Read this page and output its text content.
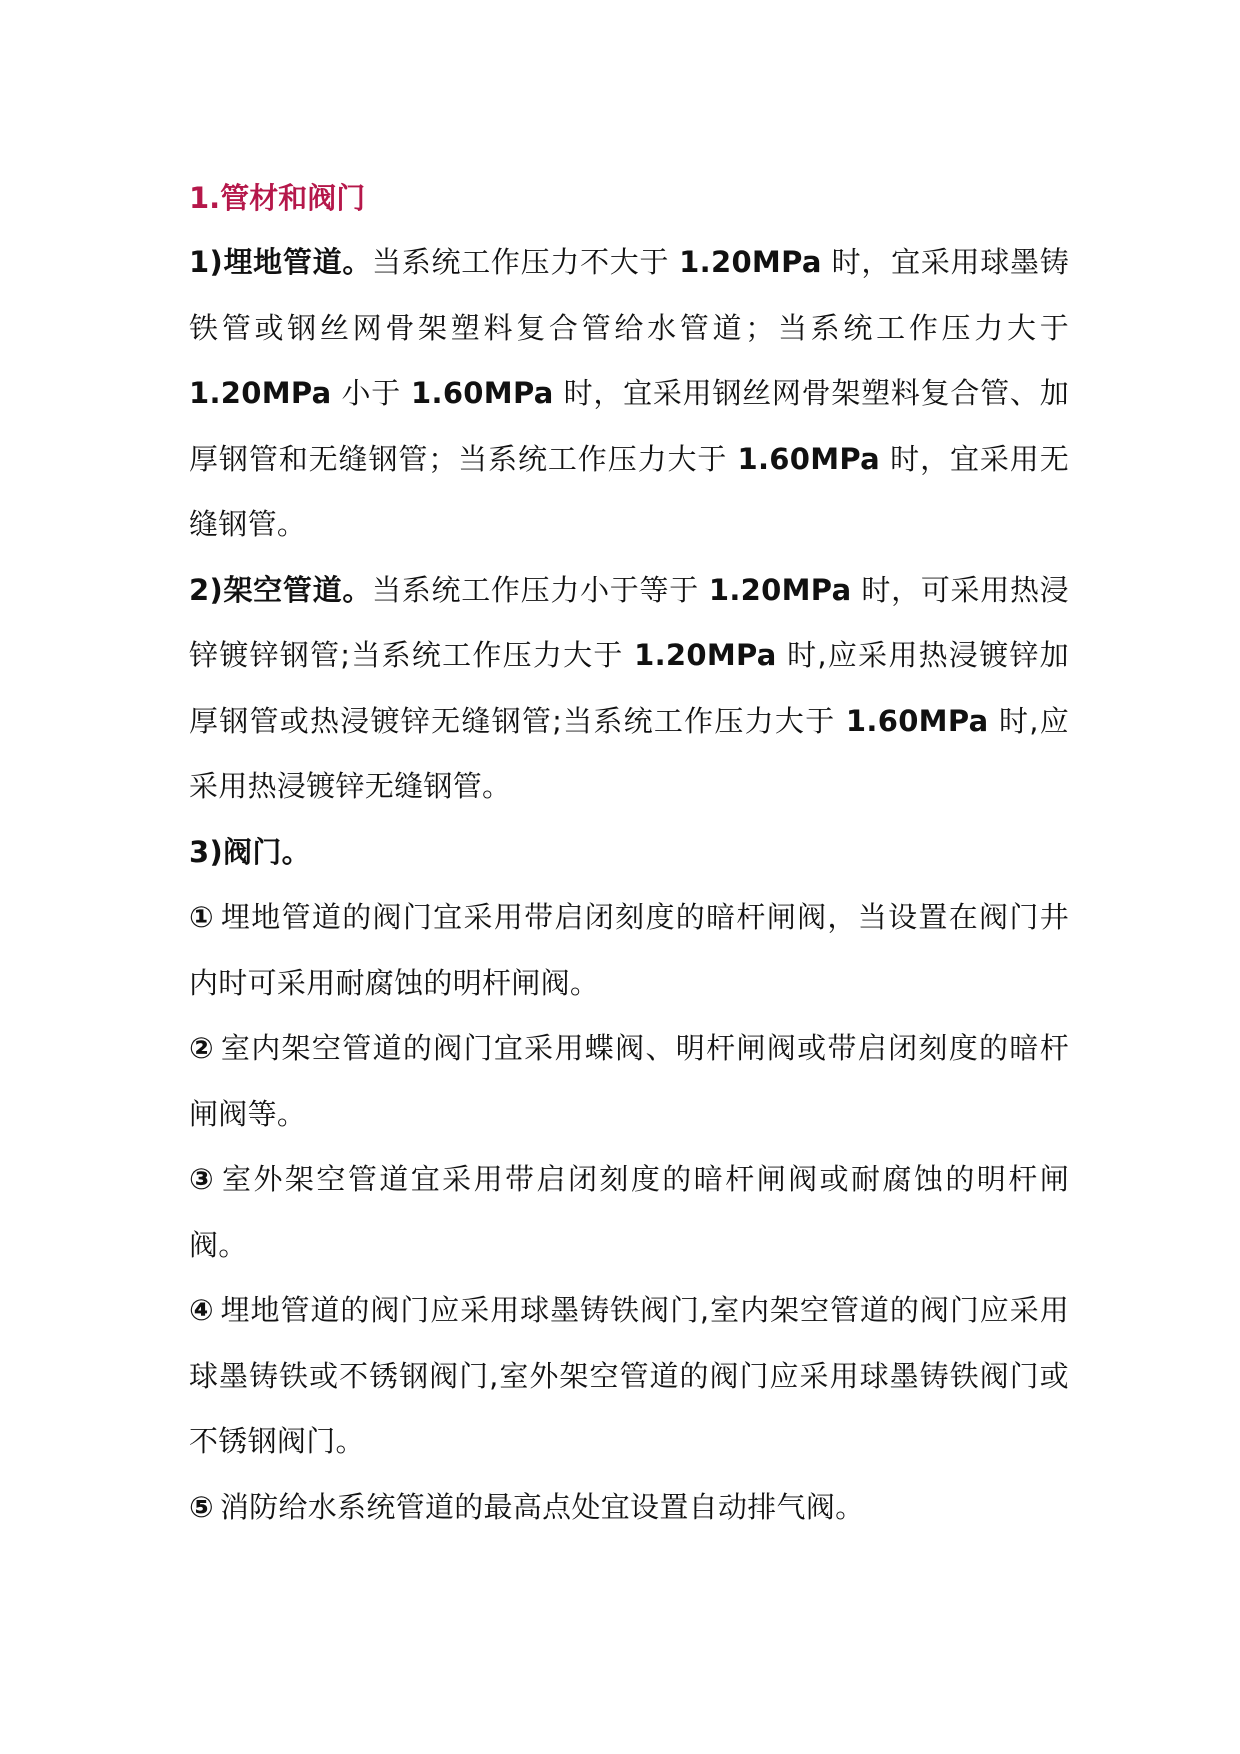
1.管材和阀门

1)埋地管道。当系统工作压力不大于 1.20MPa 时，宜采用球墨铸铁管或钢丝网骨架塑料复合管给水管道；当系统工作压力大于 1.20MPa 小于 1.60MPa 时，宜采用钢丝网骨架塑料复合管、加厚钢管和无缝钢管；当系统工作压力大于 1.60MPa 时，宜采用无缝钢管。

2)架空管道。当系统工作压力小于等于 1.20MPa 时，可采用热浸锌镀锌钢管;当系统工作压力大于 1.20MPa 时,应采用热浸镀锌加厚钢管或热浸镀锌无缝钢管;当系统工作压力大于 1.60MPa 时,应采用热浸镀锌无缝钢管。

3)阀门。

① 埋地管道的阀门宜采用带启闭刻度的暗杆闸阀，当设置在阀门井内时可采用耐腐蚀的明杆闸阀。

② 室内架空管道的阀门宜采用蝶阀、明杆闸阀或带启闭刻度的暗杆闸阀等。

③ 室外架空管道宜采用带启闭刻度的暗杆闸阀或耐腐蚀的明杆闸阀。

④ 埋地管道的阀门应采用球墨铸铁阀门,室内架空管道的阀门应采用球墨铸铁或不锈钢阀门,室外架空管道的阀门应采用球墨铸铁阀门或不锈钢阀门。

⑤ 消防给水系统管道的最高点处宜设置自动排气阀。
